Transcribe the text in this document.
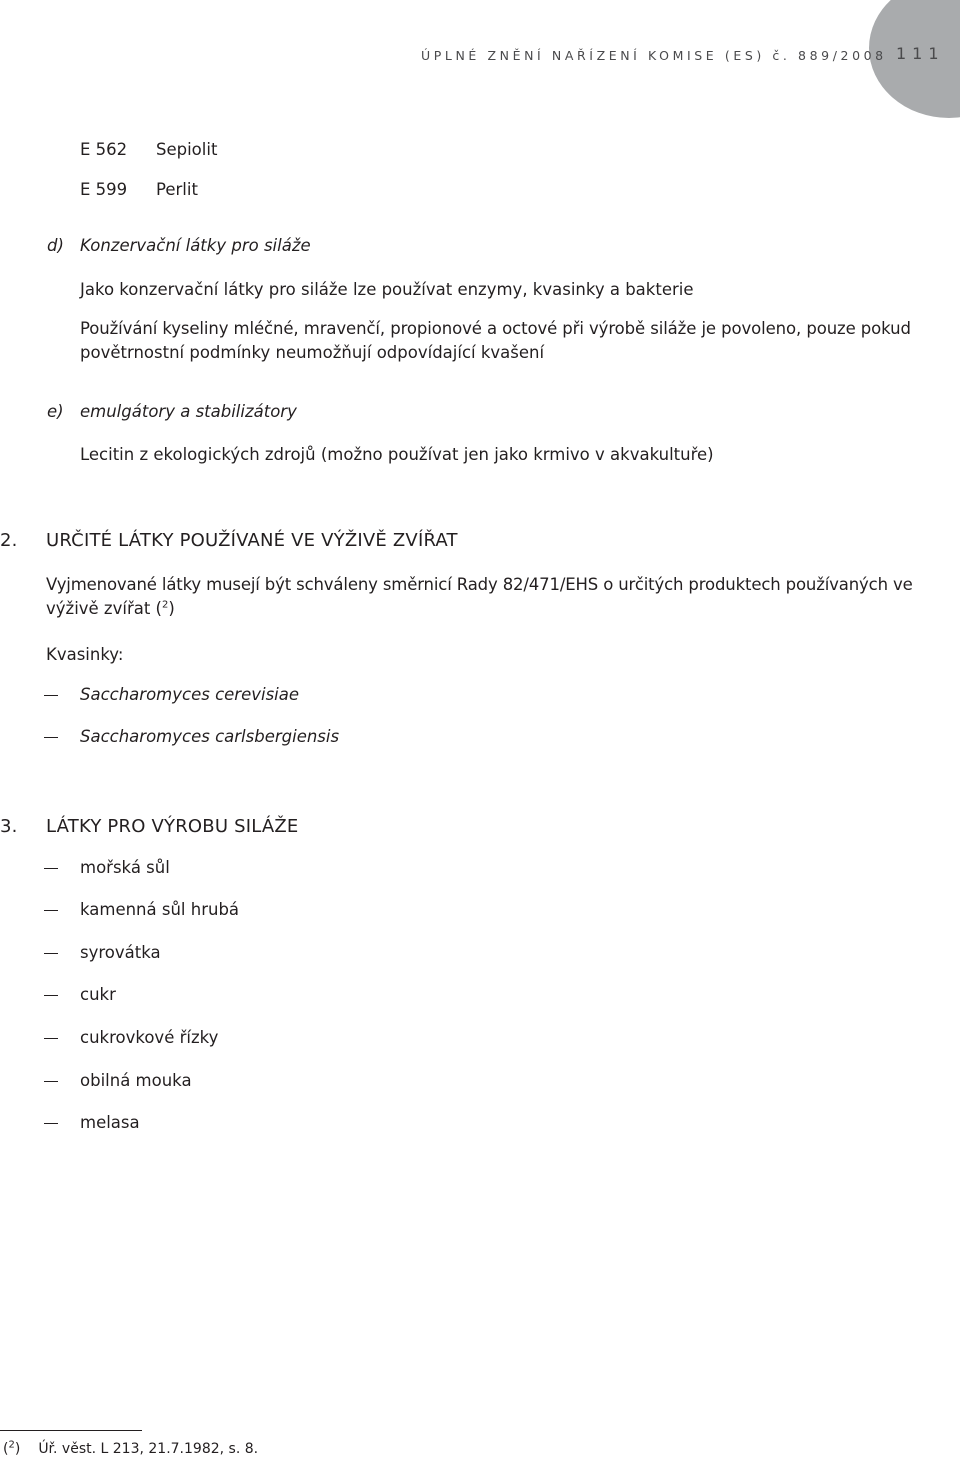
ÚPLNÉ ZNĚNÍ NAŘÍZENÍ KOMISE (ES) č. 889/2008 111
E 562 Sepiolit
E 599 Perlit
d) Konzervační látky pro siláže
Jako konzervační látky pro siláže lze používat enzymy, kvasinky a bakterie
Používání kyseliny mléčné, mravenčí, propionové a octové při výrobě siláže je povoleno, pouze pokud
povětrnostní podmínky neumožňují odpovídající kvašení
e) emulgátory a stabilizátory
Lecitin z ekologických zdrojů (možno používat jen jako krmivo v akvakultuře)
2. URČITÉ LÁTKY POUŽÍVANÉ VE VÝŽIVĚ ZVÍŘAT
Vyjmenované látky musejí být schváleny směrnicí Rady 82/471/EHS o určitých produktech používaných ve
výživě zvířat ($^2$)
Kvasinky:
Saccharomyces cerevisiae
Saccharomyces carlsbergiensis
3. LÁTKY PRO VÝROBU SILÁŽE
mořská sůl
kamenná sůl hrubá
syrovátka
cukr
cukrovkové řízky
obilná mouka
melasa
($^2$) Úř. věst. L 213, 21.7.1982, s. 8.
